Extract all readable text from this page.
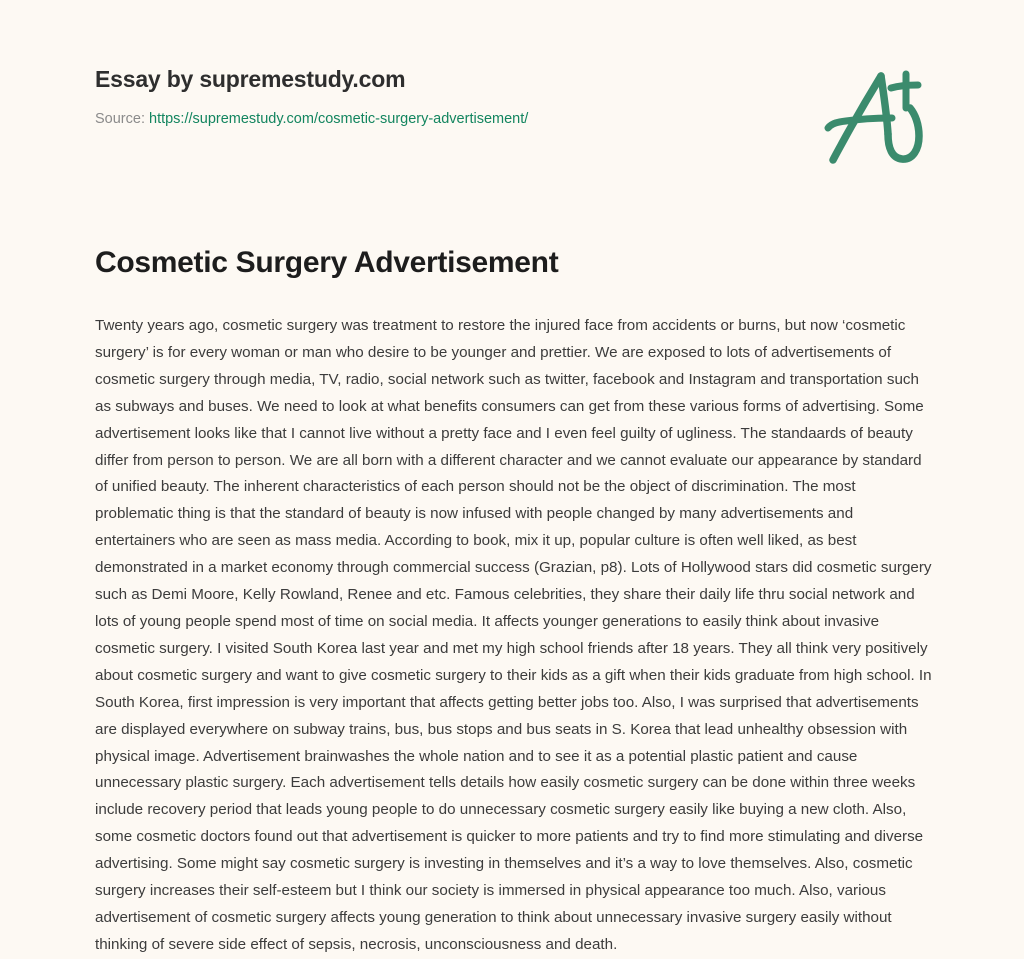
Essay by supremestudy.com
Source: https://supremestudy.com/cosmetic-surgery-advertisement/
Cosmetic Surgery Advertisement

Twenty years ago, cosmetic surgery was treatment to restore the injured face from accidents or burns, but now ‘cosmetic surgery’ is for every woman or man who desire to be younger and prettier. We are exposed to lots of advertisements of cosmetic surgery through media, TV, radio, social network such as twitter, facebook and Instagram and transportation such as subways and buses. We need to look at what benefits consumers can get from these various forms of advertising. Some advertisement looks like that I cannot live without a pretty face and I even feel guilty of ugliness. The standaards of beauty differ from person to person. We are all born with a different character and we cannot evaluate our appearance by standard of unified beauty. The inherent characteristics of each person should not be the object of discrimination. The most problematic thing is that the standard of beauty is now infused with people changed by many advertisements and entertainers who are seen as mass media. According to book, mix it up, popular culture is often well liked, as best demonstrated in a market economy through commercial success (Grazian, p8). Lots of Hollywood stars did cosmetic surgery such as Demi Moore, Kelly Rowland, Renee and etc. Famous celebrities, they share their daily life thru social network and lots of young people spend most of time on social media. It affects younger generations to easily think about invasive cosmetic surgery. I visited South Korea last year and met my high school friends after 18 years. They all think very positively about cosmetic surgery and want to give cosmetic surgery to their kids as a gift when their kids graduate from high school. In South Korea, first impression is very important that affects getting better jobs too. Also, I was surprised that advertisements are displayed everywhere on subway trains, bus, bus stops and bus seats in S. Korea that lead unhealthy obsession with physical image. Advertisement brainwashes the whole nation and to see it as a potential plastic patient and cause unnecessary plastic surgery. Each advertisement tells details how easily cosmetic surgery can be done within three weeks include recovery period that leads young people to do unnecessary cosmetic surgery easily like buying a new cloth. Also, some cosmetic doctors found out that advertisement is quicker to more patients and try to find more stimulating and diverse advertising. Some might say cosmetic surgery is investing in themselves and it’s a way to love themselves. Also, cosmetic surgery increases their self-esteem but I think our society is immersed in physical appearance too much. Also, various advertisement of cosmetic surgery affects young generation to think about unnecessary invasive surgery easily without thinking of severe side effect of sepsis, necrosis, unconsciousness and death.
